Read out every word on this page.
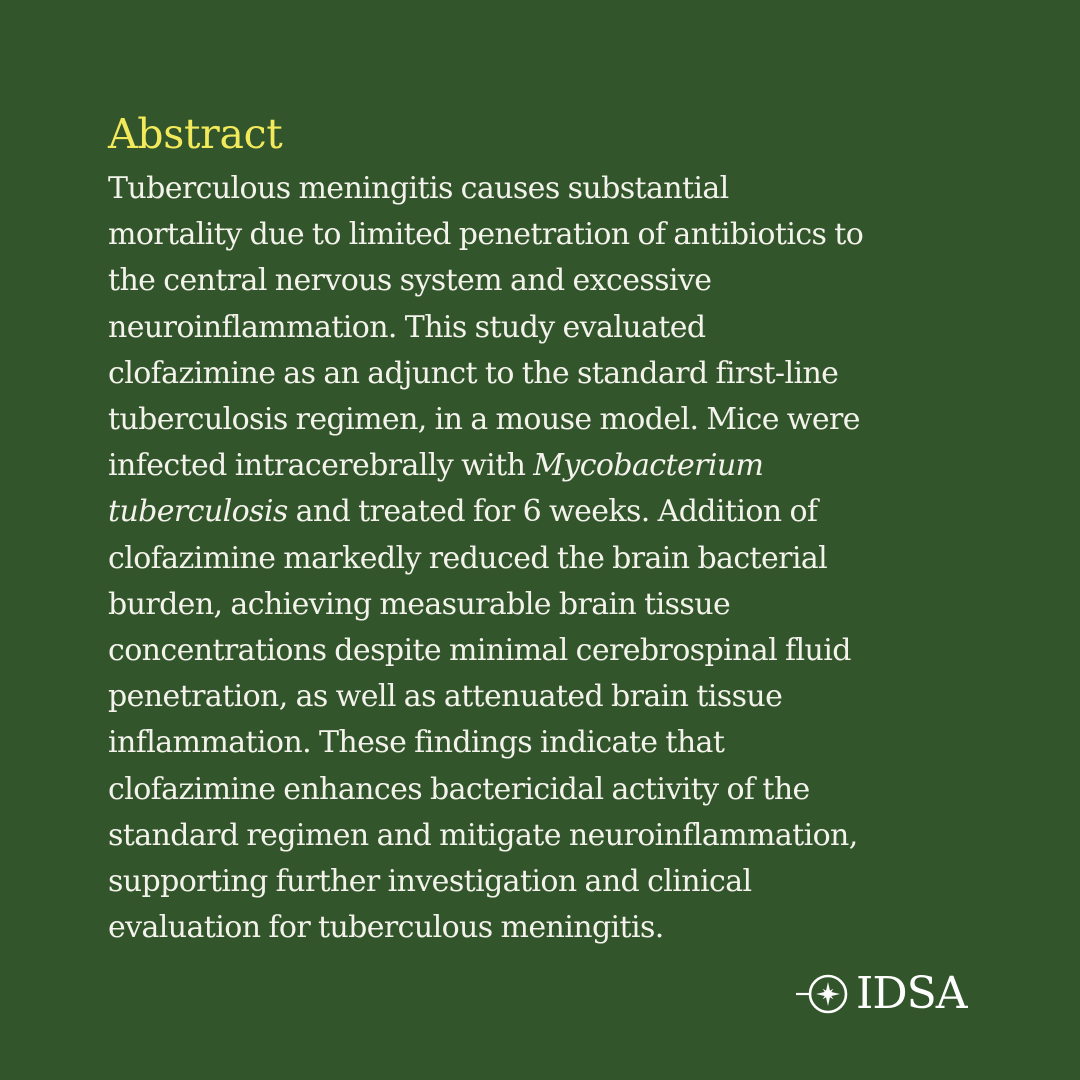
Abstract

Tuberculous meningitis causes substantial
mortality due to limited penetration of antibiotics to
the central nervous system and excessive
neuroinflammation. This study evaluated
clofazimine as an adjunct to the standard first-line
tuberculosis regimen, in a mouse model. Mice were
infected intracerebrally with Mycobacterium
tuberculosis and treated for 6 weeks. Addition of
clofazimine markedly reduced the brain bacterial
burden, achieving measurable brain tissue
concentrations despite minimal cerebrospinal fluid
penetration, as well as attenuated brain tissue
inflammation. These findings indicate that
clofazimine enhances bactericidal activity of the
standard regimen and mitigate neuroinflammation,
supporting further investigation and clinical
evaluation for tuberculous meningitis.

IDSA
